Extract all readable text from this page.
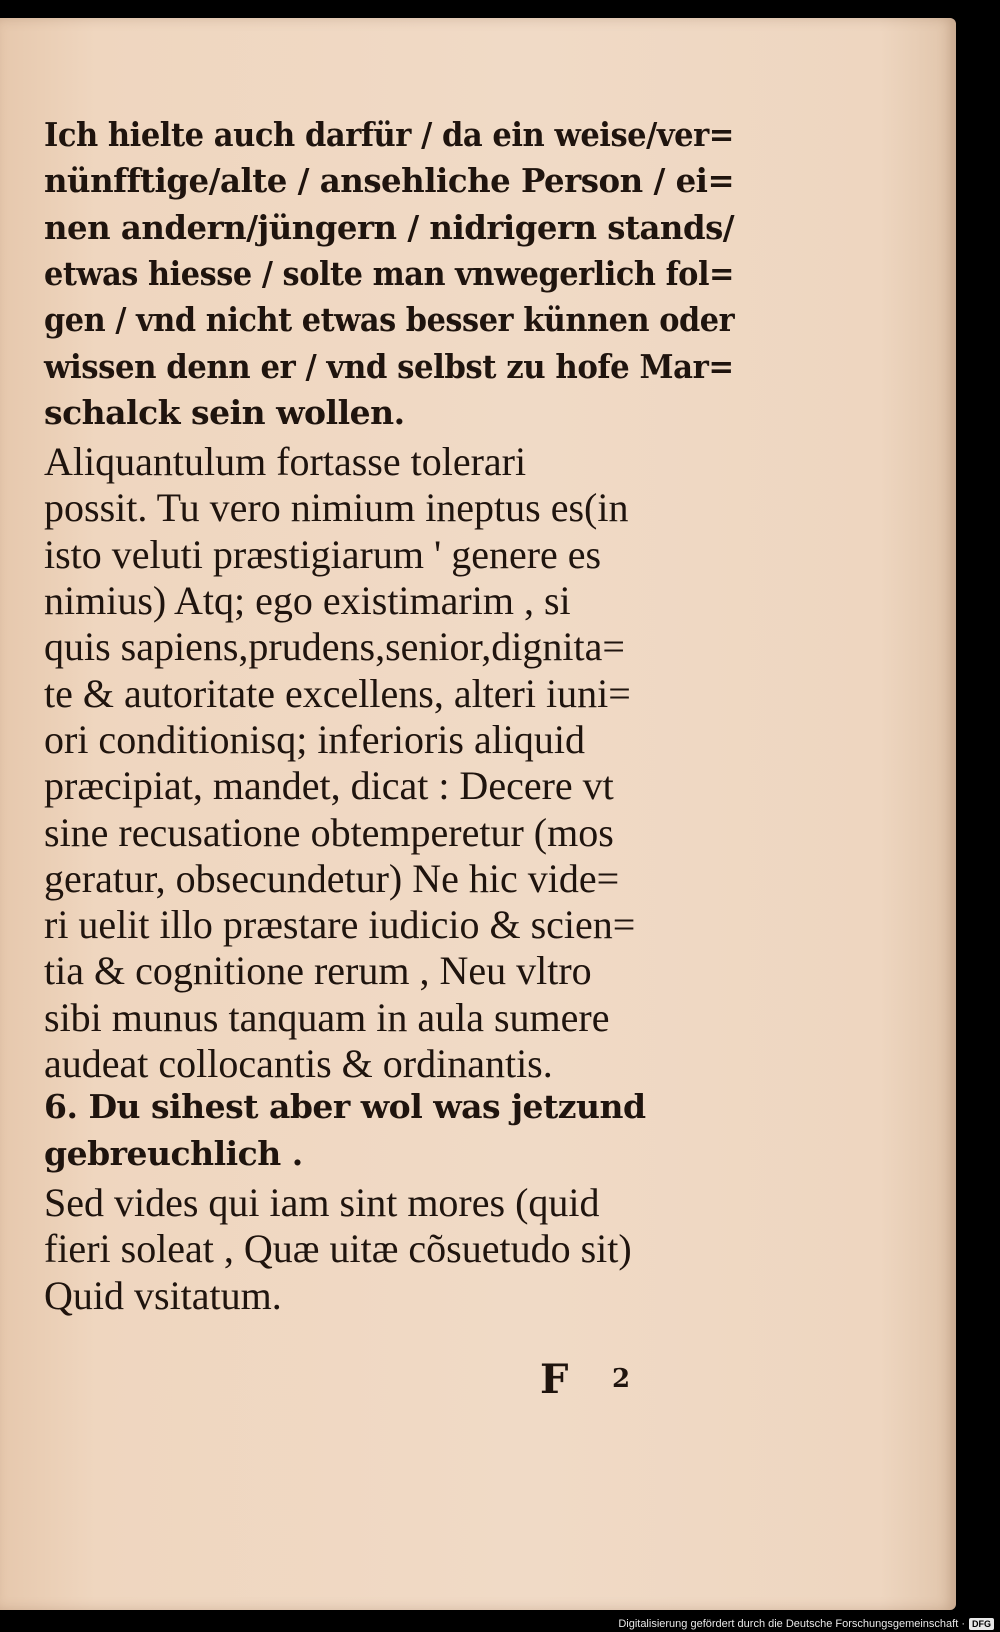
Ich hielte auch darfür / da ein weise/ver=
nünfftige/alte / ansehliche Person / ei=
nen andern/jüngern / nidrigern stands/
etwas hiesse / solte man vnwegerlich fol=
gen / vnd nicht etwas besser künnen oder
wissen denn er / vnd selbst zu hofe Mar=
schalck sein wollen.
Aliquantulum fortasse tolerari
possit. Tu vero nimium ineptus es(in
isto veluti præstigiarum ' genere es
nimius) Atq; ego existimarim , si
quis sapiens,prudens,senior,dignita=
te & autoritate excellens, alteri iuni=
ori conditionisq; inferioris aliquid
præcipiat, mandet, dicat : Decere vt
sine recusatione obtemperetur (mos
geratur, obsecundetur) Ne hic vide=
ri uelit illo præstare iudicio & scien=
tia & cognitione rerum , Neu vltro
sibi munus tanquam in aula sumere
audeat collocantis & ordinantis.
6. Du sihest aber wol was jetzund
gebreuchlich .
Sed vides qui iam sint mores (quid
fieri soleat , Quæ uitæ cõsuetudo sit)
Quid vsitatum.
F 2
Digitalisierung gefördert durch die Deutsche Forschungsgemeinschaft · DFG
